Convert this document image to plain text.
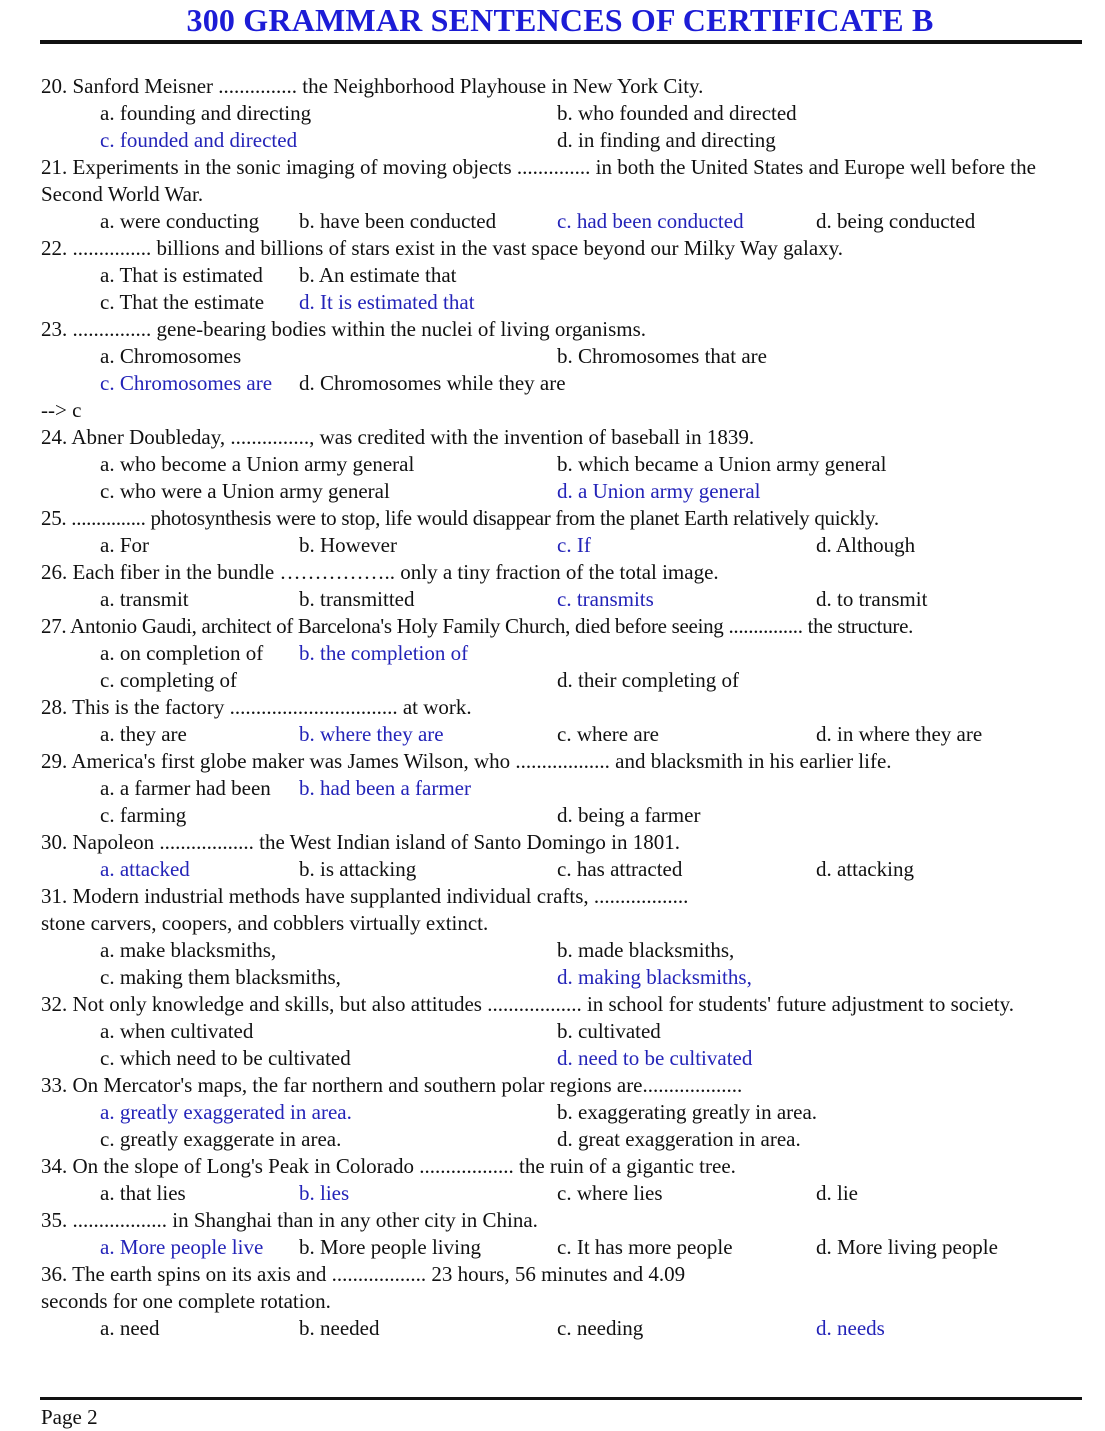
300 GRAMMAR SENTENCES OF CERTIFICATE B
20. Sanford Meisner ............... the Neighborhood Playhouse in New York City.
a. founding and directing	b. who founded and directed
c. founded and directed	d. in finding and directing
21. Experiments in the sonic imaging of moving objects .............. in both the United States and Europe well before the Second World War.
a. were conducting b. have been conducted	c. had been conducted	d. being conducted
22. ............... billions and billions of stars exist in the vast space beyond our Milky Way galaxy.
a. That is estimated b. An estimate that
c. That the estimate d. It is estimated that
23. ............... gene-bearing bodies within the nuclei of living organisms.
a. Chromosomes	b. Chromosomes that are
c. Chromosomes are d. Chromosomes while they are
--> c
24. Abner Doubleday, ..............., was credited with the invention of baseball in 1839.
a. who become a Union army general	b. which became a Union army general
c. who were a Union army general	d. a Union army general
25. ............... photosynthesis were to stop, life would disappear from the planet Earth relatively quickly.
a. For	b. However	c. If	d. Although
26. Each fiber in the bundle …………….. only a tiny fraction of the total image.
a. transmit	b. transmitted	c. transmits	d. to transmit
27. Antonio Gaudi, architect of Barcelona's Holy Family Church, died before seeing ............... the structure.
a. on completion of b. the completion of
c. completing of	d. their completing of
28. This is the factory ................................ at work.
a. they are	b. where they are	c. where are	d. in where they are
29. America's first globe maker was James Wilson, who .................. and blacksmith in his earlier life.
a. a farmer had been b. had been a farmer
c. farming	d. being a farmer
30. Napoleon .................. the West Indian island of Santo Domingo in 1801.
a. attacked	b. is attacking	c. has attracted	d. attacking
31. Modern industrial methods have supplanted individual crafts, ..................
stone carvers, coopers, and cobblers virtually extinct.
a. make blacksmiths,	b. made blacksmiths,
c. making them blacksmiths,	d. making blacksmiths,
32. Not only knowledge and skills, but also attitudes .................. in school for students' future adjustment to society.
a. when cultivated	b. cultivated
c. which need to be cultivated	d. need to be cultivated
33. On Mercator's maps, the far northern and southern polar regions are...................
a. greatly exaggerated in area.	b. exaggerating greatly in area.
c. greatly exaggerate in area.	d. great exaggeration in area.
34. On the slope of Long's Peak in Colorado .................. the ruin of a gigantic tree.
a. that lies	b. lies	c. where lies	d. lie
35. .................. in Shanghai than in any other city in China.
a. More people live b. More people living	c. It has more people	d. More living people
36. The earth spins on its axis and .................. 23 hours, 56 minutes and 4.09
seconds for one complete rotation.
a. need	b. needed	c. needing	d. needs
Page 2
